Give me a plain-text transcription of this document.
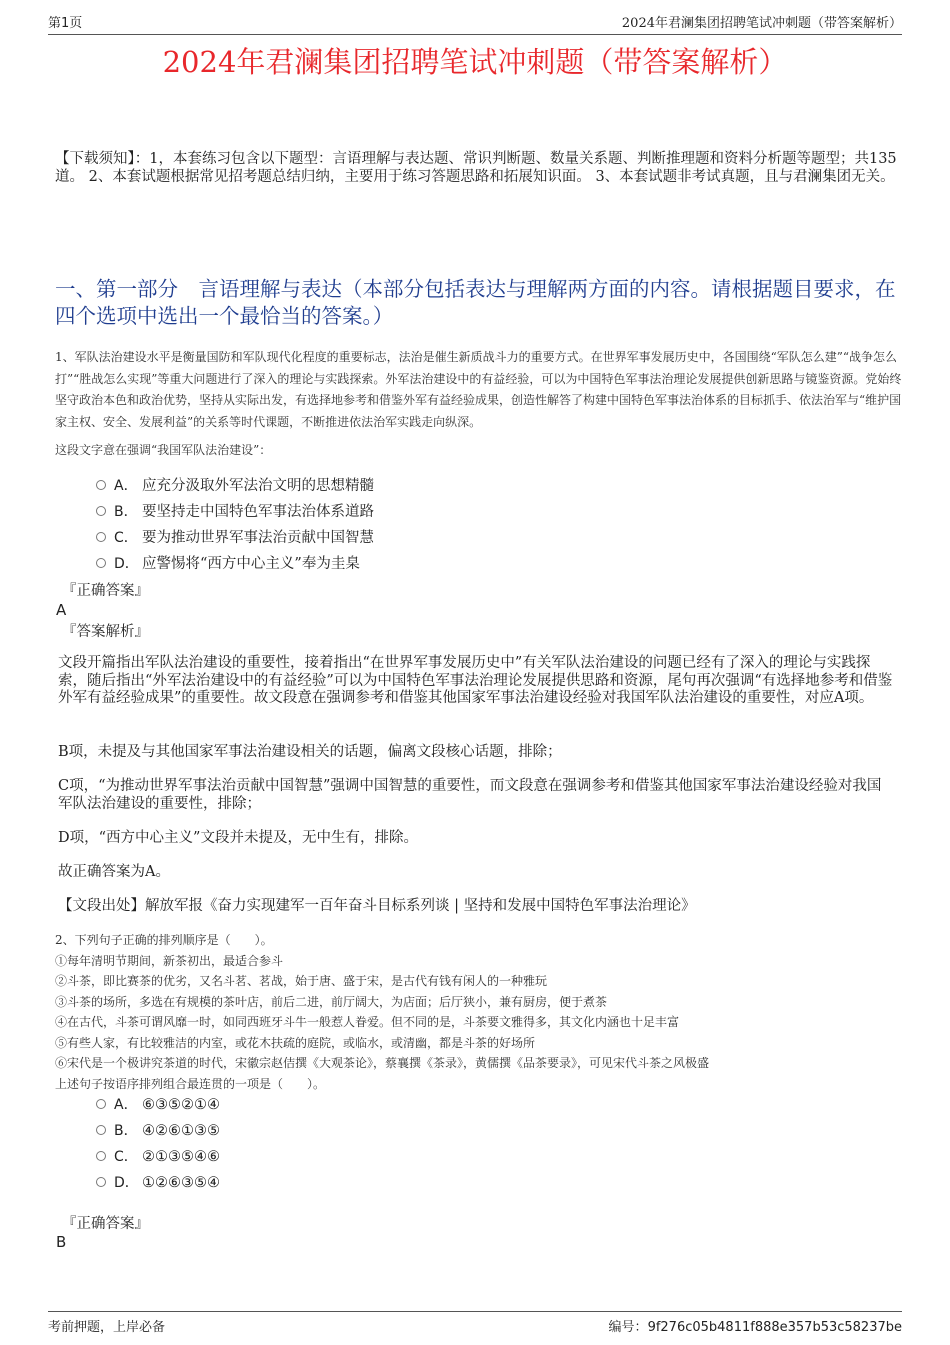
第1页	2024年君澜集团招聘笔试冲刺题（带答案解析）
2024年君澜集团招聘笔试冲刺题（带答案解析）
【下载须知】：1，本套练习包含以下题型：言语理解与表达题、常识判断题、数量关系题、判断推理题和资料分析题等题型；共135道。 2、本套试题根据常见招考题总结归纳，主要用于练习答题思路和拓展知识面。 3、本套试题非考试真题，且与君澜集团无关。
一、第一部分　言语理解与表达（本部分包括表达与理解两方面的内容。请根据题目要求，在四个选项中选出一个最恰当的答案。）
1、军队法治建设水平是衡量国防和军队现代化程度的重要标志，法治是催生新质战斗力的重要方式。在世界军事发展历史中，各国围绕“军队怎么建”“战争怎么打”“胜战怎么实现”等重大问题进行了深入的理论与实践探索。外军法治建设中的有益经验，可以为中国特色军事法治理论发展提供创新思路与镜鉴资源。党始终坚守政治本色和政治优势，坚持从实际出发，有选择地参考和借鉴外军有益经验成果，创造性解答了构建中国特色军事法治体系的目标抓手、依法治军与“维护国家主权、安全、发展利益”的关系等时代课题，不断推进依法治军实践走向纵深。
这段文字意在强调“我国军队法治建设”：
A． 应充分汲取外军法治文明的思想精髓
B． 要坚持走中国特色军事法治体系道路
C． 要为推动世界军事法治贡献中国智慧
D． 应警惕将“西方中心主义”奉为圭臬
『正确答案』
A
『答案解析』
文段开篇指出军队法治建设的重要性，接着指出“在世界军事发展历史中”有关军队法治建设的问题已经有了深入的理论与实践探索，随后指出“外军法治建设中的有益经验”可以为中国特色军事法治理论发展提供思路和资源，尾句再次强调“有选择地参考和借鉴外军有益经验成果”的重要性。故文段意在强调参考和借鉴其他国家军事法治建设经验对我国军队法治建设的重要性，对应A项。
B项，未提及与其他国家军事法治建设相关的话题，偏离文段核心话题，排除；
C项，“为推动世界军事法治贡献中国智慧”强调中国智慧的重要性，而文段意在强调参考和借鉴其他国家军事法治建设经验对我国军队法治建设的重要性，排除；
D项，“西方中心主义”文段并未提及，无中生有，排除。
故正确答案为A。
【文段出处】解放军报《奋力实现建军一百年奋斗目标系列谈 | 坚持和发展中国特色军事法治理论》
2、下列句子正确的排列顺序是（　　）。
①每年清明节期间，新茶初出，最适合参斗
②斗茶，即比赛茶的优劣，又名斗茗、茗战，始于唐、盛于宋，是古代有钱有闲人的一种雅玩
③斗茶的场所，多选在有规模的茶叶店，前后二进，前厅阔大，为店面；后厅狭小，兼有厨房，便于煮茶
④在古代，斗茶可谓风靡一时，如同西班牙斗牛一般惹人眷爱。但不同的是，斗茶要文雅得多，其文化内涵也十足丰富
⑤有些人家，有比较雅洁的内室，或花木扶疏的庭院，或临水，或清幽，都是斗茶的好场所
⑥宋代是一个极讲究茶道的时代，宋徽宗赵佶撰《大观茶论》，蔡襄撰《茶录》，黄儒撰《品茶要录》，可见宋代斗茶之风极盛
上述句子按语序排列组合最连贯的一项是（　　）。
A． ⑥③⑤②①④
B． ④②⑥①③⑤
C． ②①③⑤④⑥
D． ①②⑥③⑤④
『正确答案』
B
考前押题，上岸必备	编号：9f276c05b4811f888e357b53c58237be
